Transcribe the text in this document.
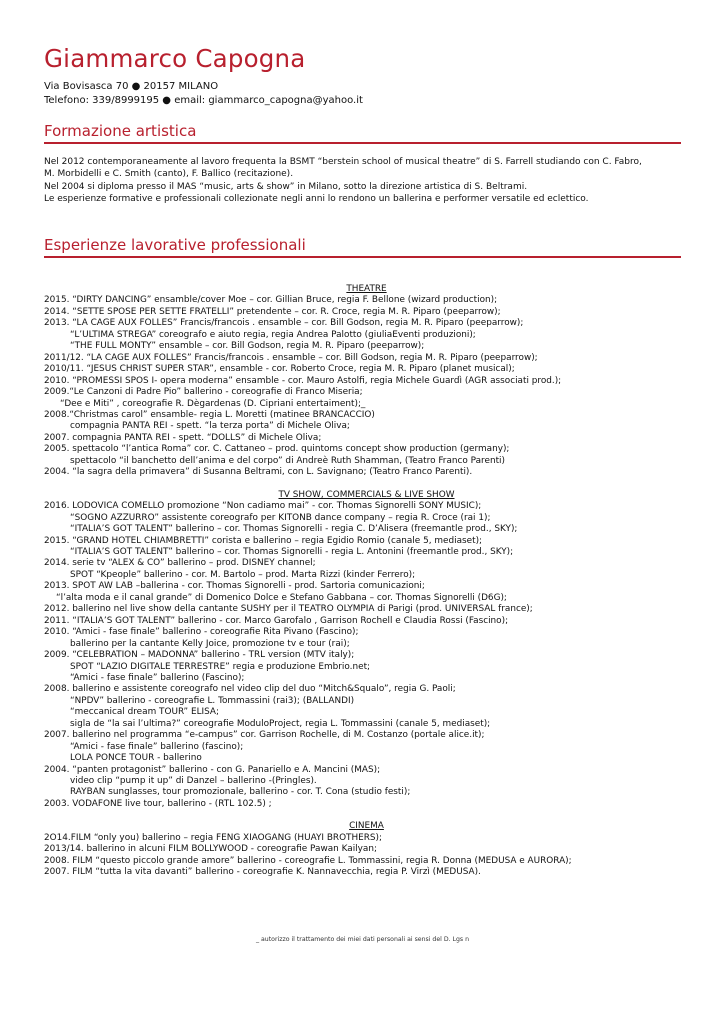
Giammarco Capogna
Via Bovisasca 70 ● 20157 MILANO
Telefono: 339/8999195 ● email: giammarco_capogna@yahoo.it
Formazione artistica
Nel 2012 contemporaneamente al lavoro frequenta la BSMT “berstein school of musical theatre” di S. Farrell studiando con C. Fabro,
M. Morbidelli e C. Smith (canto), F. Ballico (recitazione).
Nel 2004 si diploma presso il MAS “music, arts & show” in Milano, sotto la direzione artistica di S. Beltrami.
Le esperienze formative e professionali collezionate negli anni lo rendono un ballerina e performer versatile ed eclettico.
Esperienze lavorative professionali
THEATRE
2015. “DIRTY DANCING” ensamble/cover Moe – cor. Gillian Bruce, regia F. Bellone (wizard production);
2014. “SETTE SPOSE PER SETTE FRATELLI” pretendente – cor. R. Croce, regia M. R. Piparo (peeparrow);
2013. “LA CAGE AUX FOLLES” Francis/francois . ensamble – cor. Bill Godson, regia M. R. Piparo (peeparrow);
“L’ULTIMA STREGA” coreografo e aiuto regia, regia Andrea Palotto (giuliaEventi produzioni);
“THE FULL MONTY” ensamble – cor. Bill Godson, regia M. R. Piparo (peeparrow);
2011/12. “LA CAGE AUX FOLLES” Francis/francois . ensamble – cor. Bill Godson, regia M. R. Piparo (peeparrow);
2010/11. “JESUS CHRIST SUPER STAR”, ensamble - cor. Roberto Croce, regia M. R. Piparo (planet musical);
2010. “PROMESSI SPOS I- opera moderna” ensamble - cor. Mauro Astolfi, regia Michele Guardì (AGR associati prod.);
2009.“Le Canzoni di Padre Pio” ballerino - coreografie di Franco Miseria;
“Dee e Miti” , coreografie R. Dègardenas (D. Cipriani entertaiment);_
2008.“Christmas carol” ensamble- regia L. Moretti (matinee BRANCACCIO)
compagnia PANTA REI - spett. “la terza porta” di Michele Oliva;
2007. compagnia PANTA REI - spett. “DOLLS” di Michele Oliva;
2005. spettacolo “l’antica Roma” cor. C. Cattaneo – prod. quintoms concept show production (germany);
spettacolo “il banchetto dell’anima e del corpo” di Andreè Ruth Shamman, (Teatro Franco Parenti)
2004. “la sagra della primavera” di Susanna Beltrami, con L. Savignano; (Teatro Franco Parenti).
TV SHOW, COMMERCIALS & LIVE SHOW
2016. LODOVICA COMELLO promozione “Non cadiamo mai” - cor. Thomas Signorelli SONY MUSIC);
“SOGNO AZZURRO” assistente coreografo per KITONB dance company – regia R. Croce (rai 1);
“ITALIA’S GOT TALENT” ballerino – cor. Thomas Signorelli - regia C. D’Alisera (freemantle prod., SKY);
2015. “GRAND HOTEL CHIAMBRETTI” corista e ballerino – regia Egidio Romio (canale 5, mediaset);
“ITALIA’S GOT TALENT” ballerino – cor. Thomas Signorelli - regia L. Antonini (freemantle prod., SKY);
2014. serie tv “ALEX & CO” ballerino – prod. DISNEY channel;
SPOT “Kpeople” ballerino - cor. M. Bartolo – prod. Marta Rizzi (kinder Ferrero);
2013. SPOT AW LAB –ballerina - cor. Thomas Signorelli - prod. Sartoria comunicazioni;
“l’alta moda e il canal grande” di Domenico Dolce e Stefano Gabbana – cor. Thomas Signorelli (D6G);
2012. ballerino nel live show della cantante SUSHY per il TEATRO OLYMPIA di Parigi (prod. UNIVERSAL france);
2011. “ITALIA’S GOT TALENT” ballerino - cor. Marco Garofalo , Garrison Rochell e Claudia Rossi (Fascino);
2010. “Amici - fase finale” ballerino - coreografie Rita Pivano (Fascino);
ballerino per la cantante Kelly Joice, promozione tv e tour (rai);
2009. “CELEBRATION – MADONNA” ballerino - TRL version (MTV italy);
SPOT “LAZIO DIGITALE TERRESTRE” regia e produzione Embrio.net;
“Amici - fase finale” ballerino (Fascino);
2008. ballerino e assistente coreografo nel video clip del duo “Mitch&Squalo”, regia G. Paoli;
“NPDV” ballerino - coreografie L. Tommassini (rai3); (BALLANDI)
“meccanical dream TOUR” ELISA;
sigla de “la sai l’ultima?” coreografie ModuloProject, regia L. Tommassini (canale 5, mediaset);
2007. ballerino nel programma “e-campus” cor. Garrison Rochelle, di M. Costanzo (portale alice.it);
“Amici - fase finale” ballerino (fascino);
LOLA PONCE TOUR - ballerino
2004. “panten protagonist” ballerino - con G. Panariello e A. Mancini (MAS);
video clip “pump it up” di Danzel – ballerino -(Pringles).
RAYBAN sunglasses, tour promozionale, ballerino - cor. T. Cona (studio festi);
2003. VODAFONE live tour, ballerino - (RTL 102.5) ;
CINEMA
2O14.FILM “only you) ballerino – regia FENG XIAOGANG (HUAYI BROTHERS);
2013/14. ballerino in alcuni FILM BOLLYWOOD - coreografie Pawan Kailyan;
2008. FILM “questo piccolo grande amore” ballerino - coreografie L. Tommassini, regia R. Donna (MEDUSA e AURORA);
2007. FILM “tutta la vita davanti” ballerino - coreografie K. Nannavecchia, regia P. Virzì (MEDUSA).
_ autorizzo il trattamento dei miei dati personali ai sensi del D. Lgs n
